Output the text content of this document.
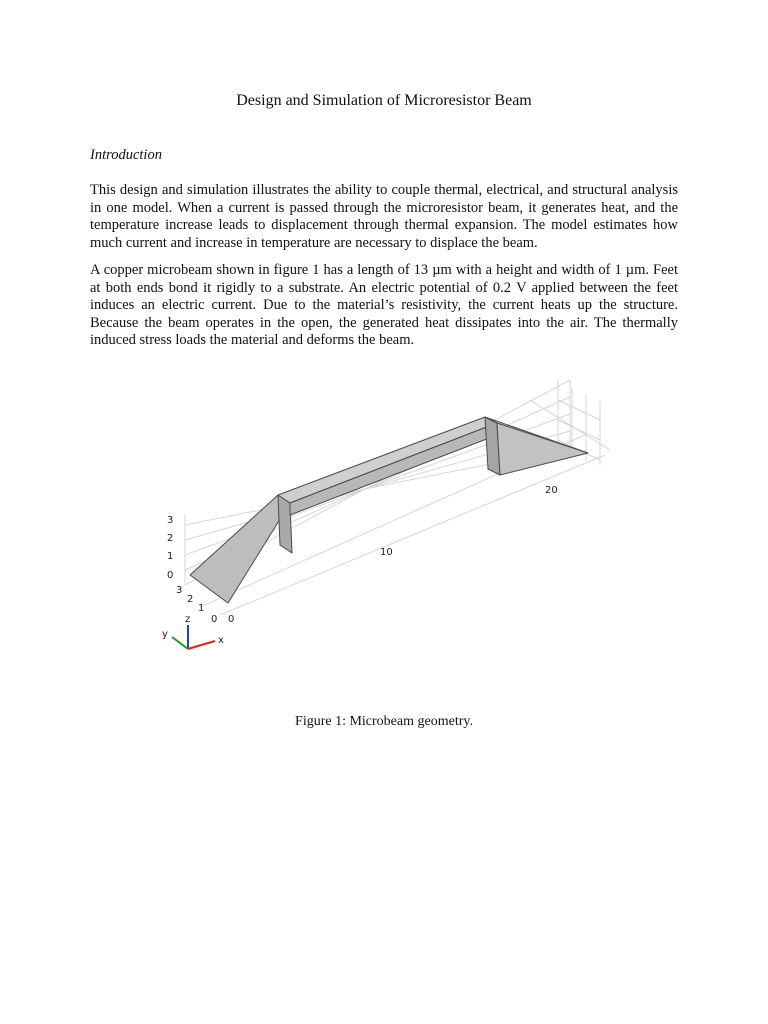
Design and Simulation of Microresistor Beam
Introduction

This design and simulation illustrates the ability to couple thermal, electrical, and structural analysis in one model. When a current is passed through the microresistor beam, it generates heat, and the temperature increase leads to displacement through thermal expansion. The model estimates how much current and increase in temperature are necessary to displace the beam.

A copper microbeam shown in figure 1 has a length of 13 µm with a height and width of 1 µm. Feet at both ends bond it rigidly to a substrate. An electric potential of 0.2 V applied between the feet induces an electric current. Due to the material’s resistivity, the current heats up the structure. Because the beam operates in the open, the generated heat dissipates into the air. The thermally induced stress loads the material and deforms the beam.

10
20
3
2
1
0
3
2
1
0 0
z
x
y
Figure 1: Microbeam geometry.
